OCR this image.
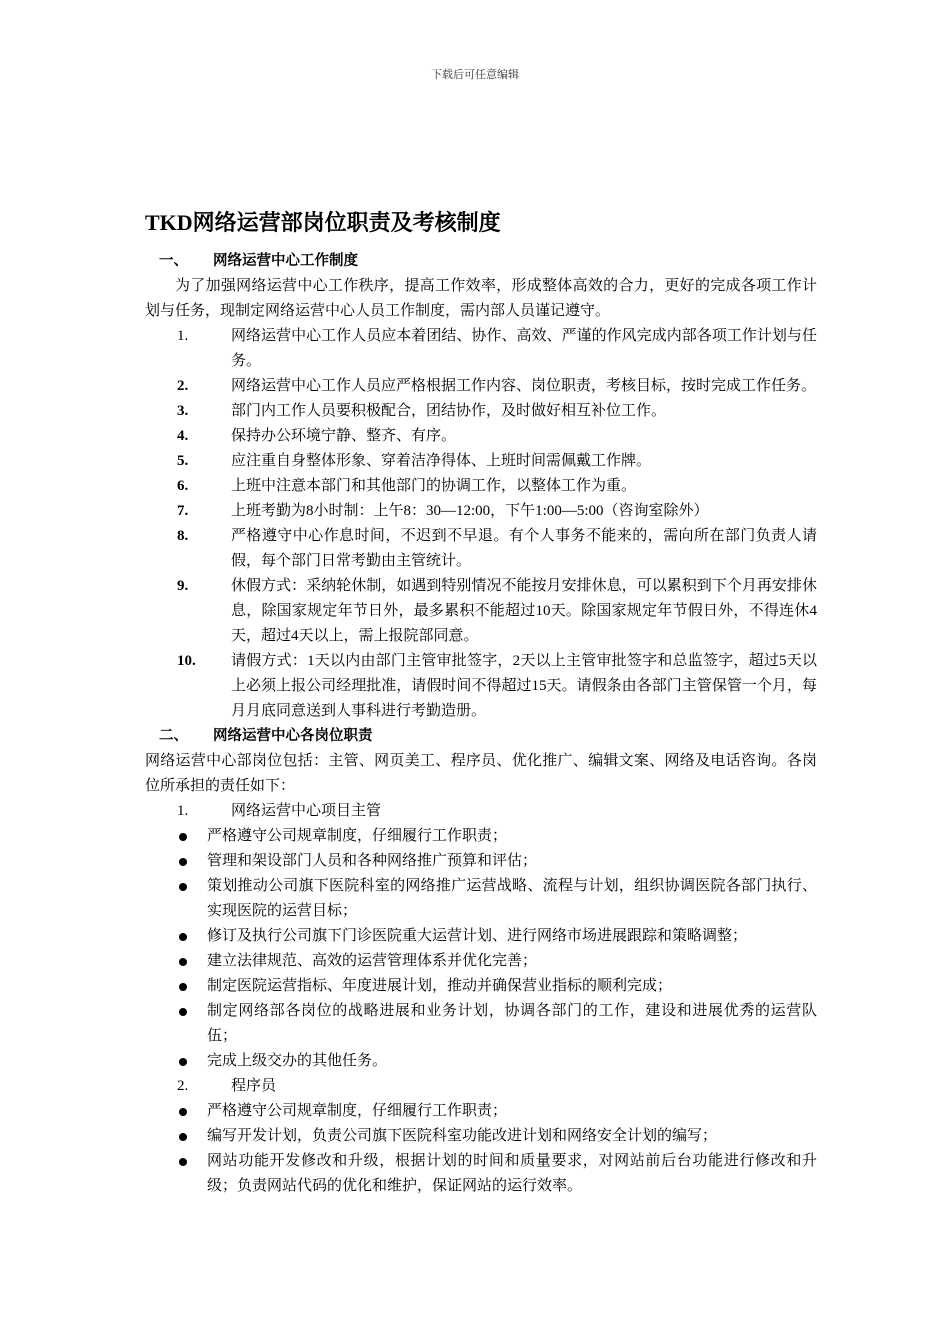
下载后可任意编辑
TKD网络运营部岗位职责及考核制度
一、 网络运营中心工作制度
为了加强网络运营中心工作秩序，提高工作效率，形成整体高效的合力，更好的完成各项工作计划与任务，现制定网络运营中心人员工作制度，需内部人员谨记遵守。
1.	网络运营中心工作人员应本着团结、协作、高效、严谨的作风完成内部各项工作计划与任务。
2.	网络运营中心工作人员应严格根据工作内容、岗位职责，考核目标，按时完成工作任务。
3.	部门内工作人员要积极配合，团结协作，及时做好相互补位工作。
4.	保持办公环境宁静、整齐、有序。
5.	应注重自身整体形象、穿着洁净得体、上班时间需佩戴工作牌。
6.	上班中注意本部门和其他部门的协调工作，以整体工作为重。
7.	上班考勤为8小时制：上午8：30—12:00，下午1:00—5:00（咨询室除外）
8.	严格遵守中心作息时间，不迟到不早退。有个人事务不能来的，需向所在部门负责人请假，每个部门日常考勤由主管统计。
9.	休假方式：采纳轮休制，如遇到特别情况不能按月安排休息，可以累积到下个月再安排休息，除国家规定年节日外，最多累积不能超过10天。除国家规定年节假日外，不得连休4天，超过4天以上，需上报院部同意。
10.	请假方式：1天以内由部门主管审批签字，2天以上主管审批签字和总监签字，超过5天以上必须上报公司经理批准，请假时间不得超过15天。请假条由各部门主管保管一个月，每月月底同意送到人事科进行考勤造册。
二、 网络运营中心各岗位职责
网络运营中心部岗位包括：主管、网页美工、程序员、优化推广、编辑文案、网络及电话咨询。各岗位所承担的责任如下：
1.	网络运营中心项目主管
严格遵守公司规章制度，仔细履行工作职责；
管理和架设部门人员和各种网络推广预算和评估；
策划推动公司旗下医院科室的网络推广运营战略、流程与计划，组织协调医院各部门执行、实现医院的运营目标；
修订及执行公司旗下门诊医院重大运营计划、进行网络市场进展跟踪和策略调整；
建立法律规范、高效的运营管理体系并优化完善；
制定医院运营指标、年度进展计划，推动并确保营业指标的顺利完成；
制定网络部各岗位的战略进展和业务计划，协调各部门的工作，建设和进展优秀的运营队伍；
完成上级交办的其他任务。
2.	程序员
严格遵守公司规章制度，仔细履行工作职责；
编写开发计划，负责公司旗下医院科室功能改进计划和网络安全计划的编写；
网站功能开发修改和升级，根据计划的时间和质量要求，对网站前后台功能进行修改和升级；负责网站代码的优化和维护，保证网站的运行效率。
